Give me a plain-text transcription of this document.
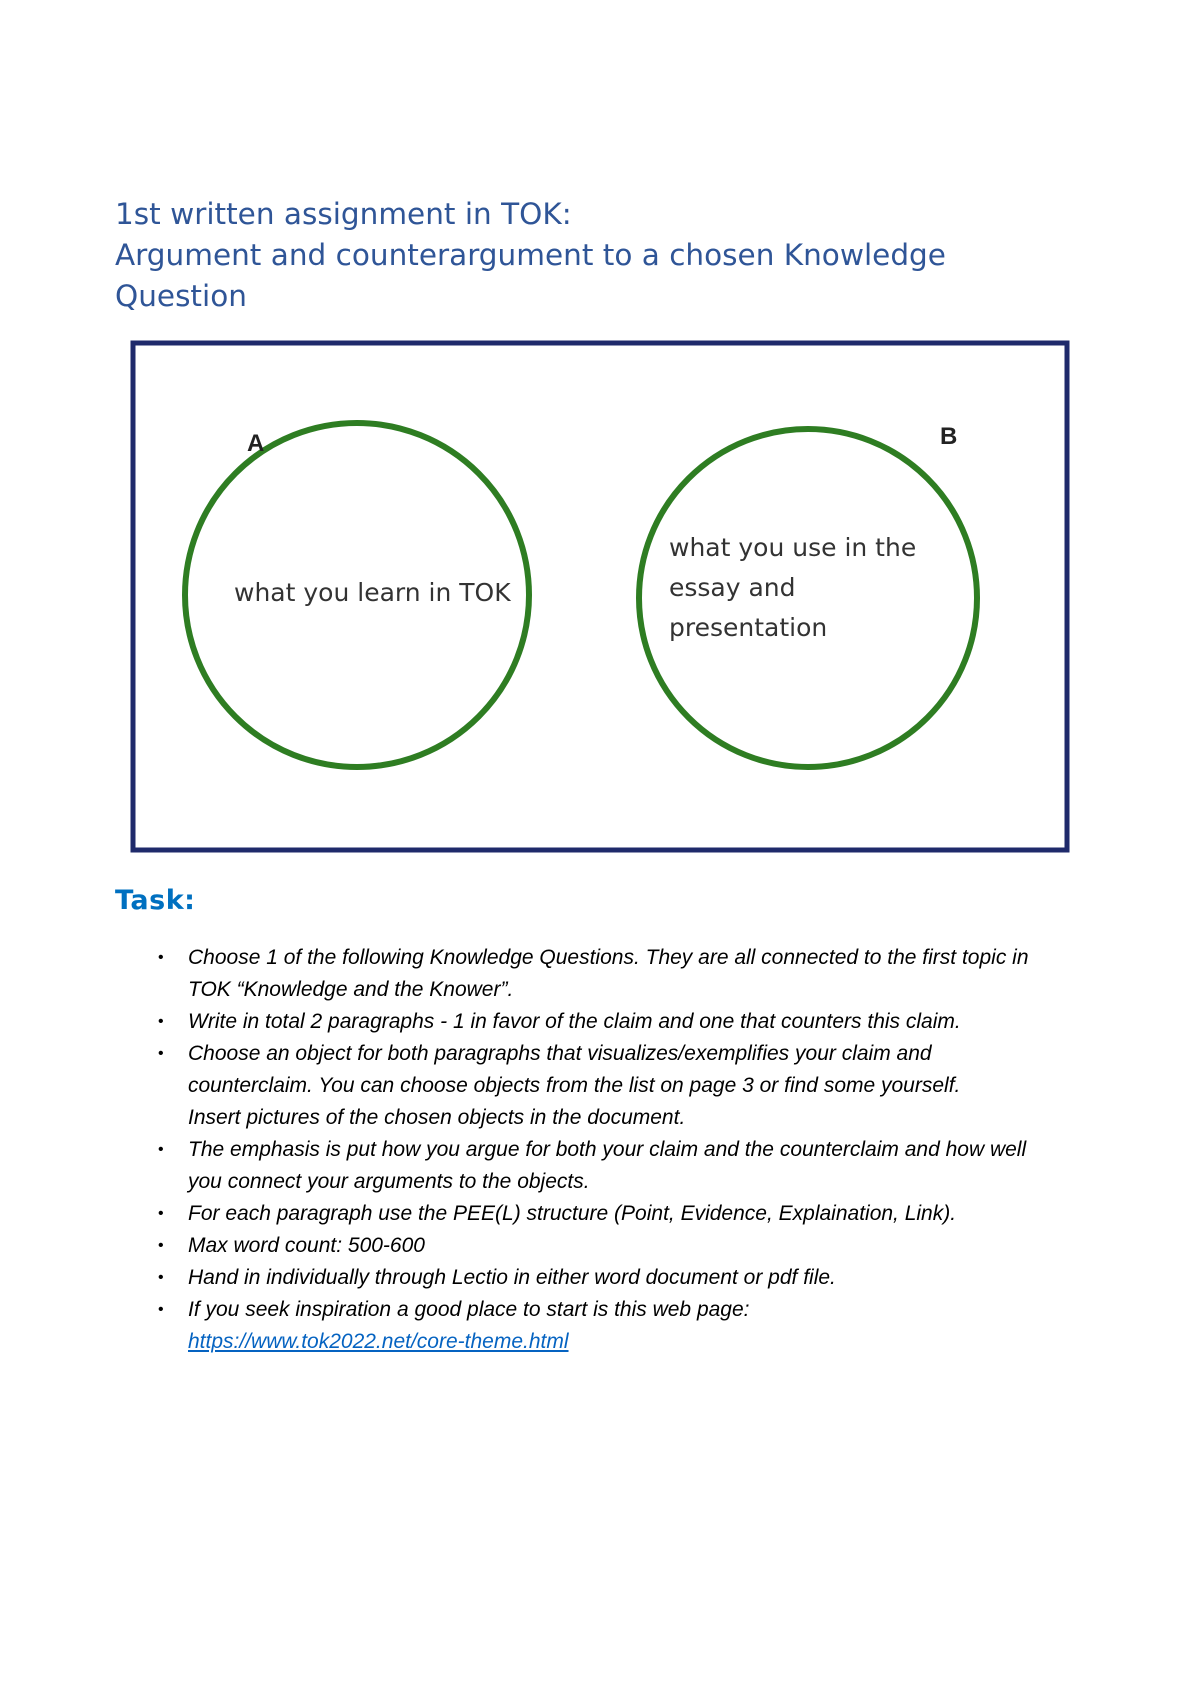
1st written assignment in TOK:
Argument and counterargument to a chosen Knowledge
Question
A	B
what you learn in TOK
what you use in the
essay and
presentation
Task:
• Choose 1 of the following Knowledge Questions. They are all connected to the first topic in
TOK “Knowledge and the Knower”.
• Write in total 2 paragraphs - 1 in favor of the claim and one that counters this claim.
• Choose an object for both paragraphs that visualizes/exemplifies your claim and
counterclaim. You can choose objects from the list on page 3 or find some yourself.
Insert pictures of the chosen objects in the document.
• The emphasis is put how you argue for both your claim and the counterclaim and how well
you connect your arguments to the objects.
• For each paragraph use the PEE(L) structure (Point, Evidence, Explaination, Link).
• Max word count: 500-600
• Hand in individually through Lectio in either word document or pdf file.
• If you seek inspiration a good place to start is this web page:
https://www.tok2022.net/core-theme.html
